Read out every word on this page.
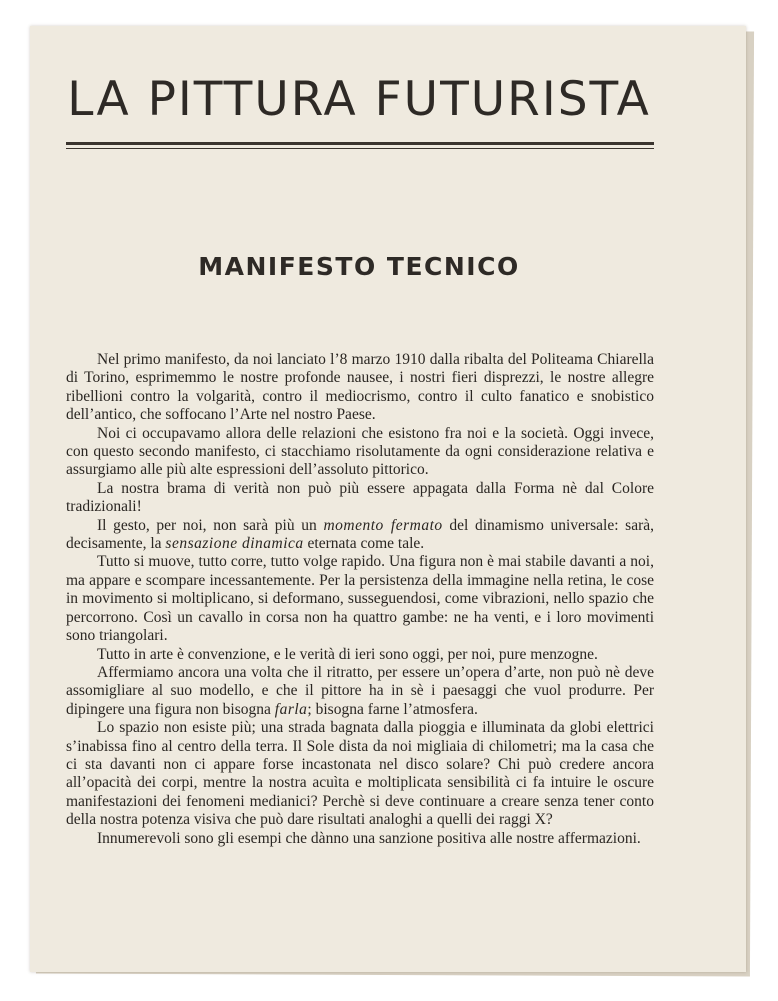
LA PITTURA FUTURISTA
MANIFESTO TECNICO

Nel primo manifesto, da noi lanciato l’8 marzo 1910 dalla ribalta del Politeama Chiarella di Torino, esprimemmo le nostre profonde nausee, i nostri fieri disprezzi, le nostre allegre ribellioni contro la volgarità, contro il mediocrismo, contro il culto fanatico e snobistico dell’antico, che soffocano l’Arte nel nostro Paese.

Noi ci occupavamo allora delle relazioni che esistono fra noi e la società. Oggi invece, con questo secondo manifesto, ci stacchiamo risolutamente da ogni considerazione relativa e assurgiamo alle più alte espressioni dell’assoluto pittorico.

La nostra brama di verità non può più essere appagata dalla Forma nè dal Colore tradizionali!

Il gesto, per noi, non sarà più un momento fermato del dinamismo universale: sarà, decisamente, la sensazione dinamica eternata come tale.

Tutto si muove, tutto corre, tutto volge rapido. Una figura non è mai stabile davanti a noi, ma appare e scompare incessantemente. Per la persistenza della immagine nella retina, le cose in movimento si moltiplicano, si deformano, susseguendosi, come vibrazioni, nello spazio che percorrono. Così un cavallo in corsa non ha quattro gambe: ne ha venti, e i loro movimenti sono triangolari.

Tutto in arte è convenzione, e le verità di ieri sono oggi, per noi, pure menzogne.

Affermiamo ancora una volta che il ritratto, per essere un’opera d’arte, non può nè deve assomigliare al suo modello, e che il pittore ha in sè i paesaggi che vuol produrre. Per dipingere una figura non bisogna farla; bisogna farne l’atmosfera.

Lo spazio non esiste più; una strada bagnata dalla pioggia e illuminata da globi elettrici s’inabissa fino al centro della terra. Il Sole dista da noi migliaia di chilometri; ma la casa che ci sta davanti non ci appare forse incastonata nel disco solare? Chi può credere ancora all’opacità dei corpi, mentre la nostra acuìta e moltiplicata sensibilità ci fa intuire le oscure manifestazioni dei fenomeni medianici? Perchè si deve continuare a creare senza tener conto della nostra potenza visiva che può dare risultati analoghi a quelli dei raggi X?

Innumerevoli sono gli esempi che dànno una sanzione positiva alle nostre affermazioni.
